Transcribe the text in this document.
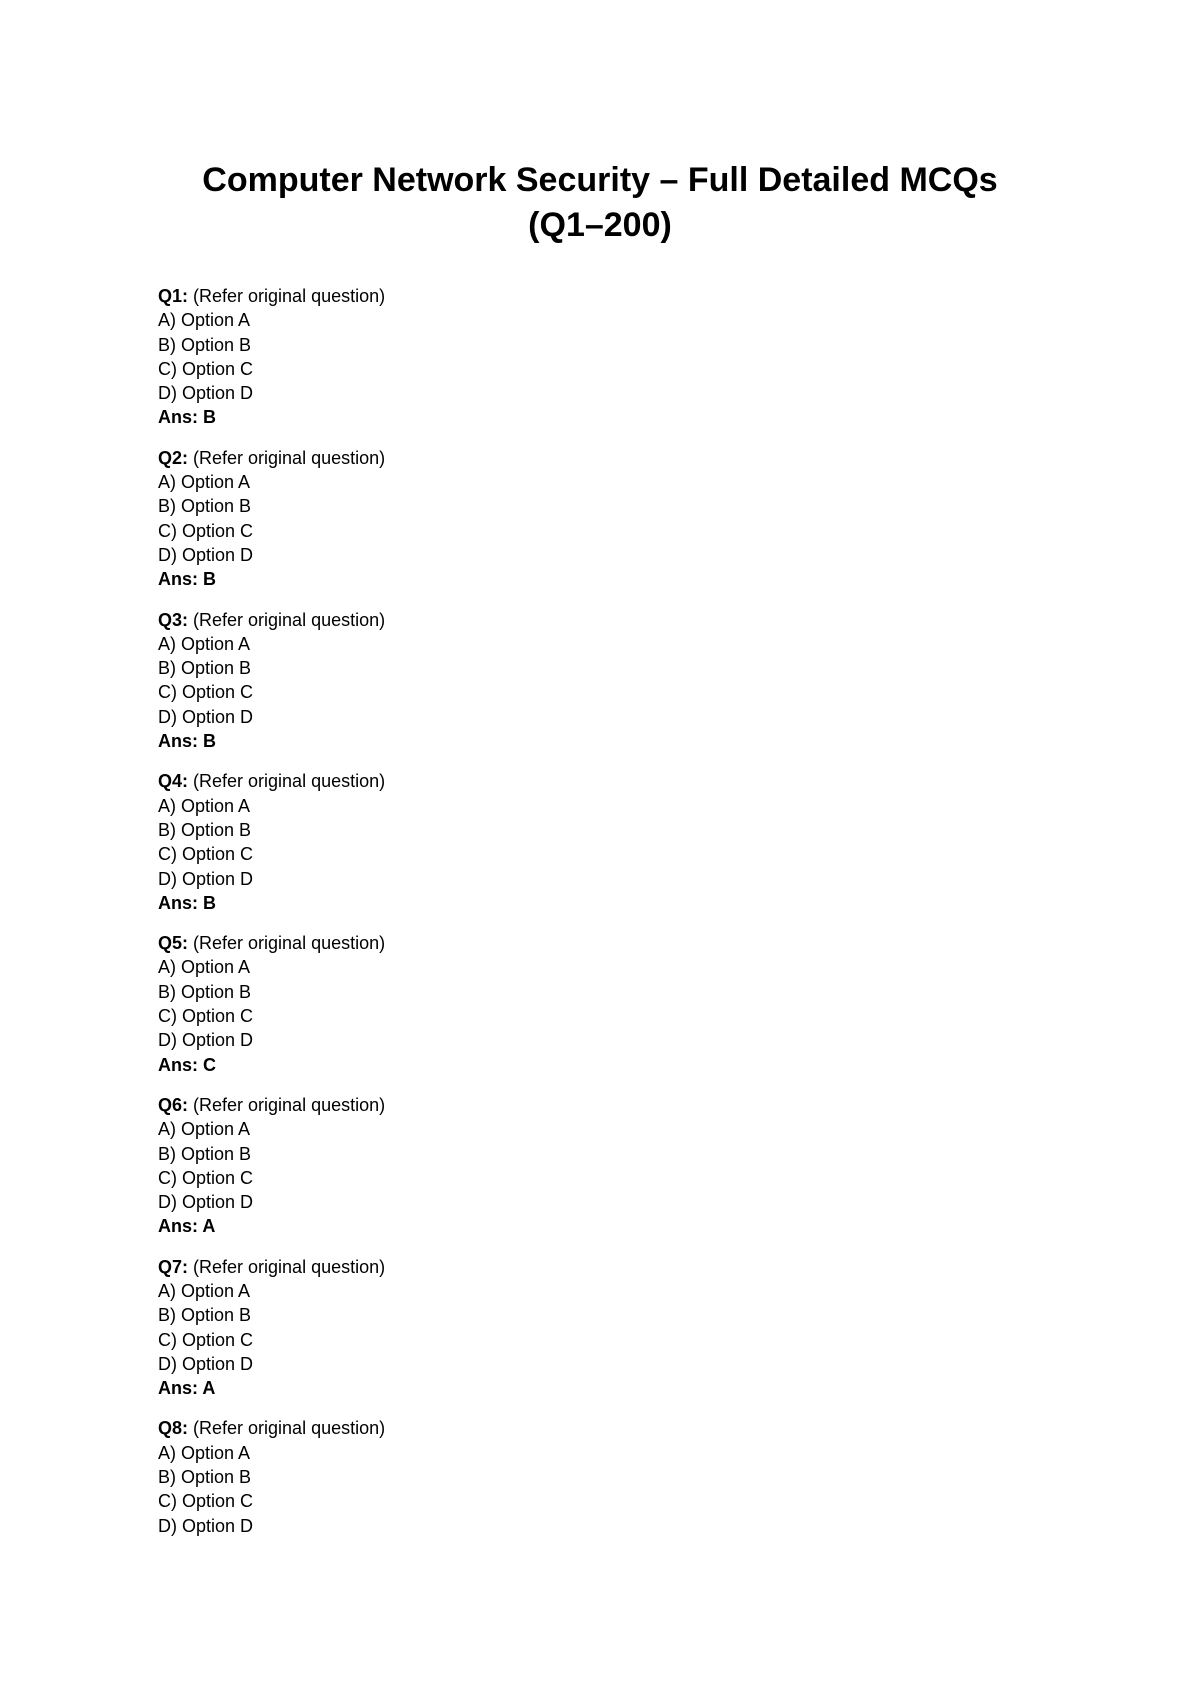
Computer Network Security – Full Detailed MCQs
(Q1–200)
Q1: (Refer original question)
A) Option A
B) Option B
C) Option C
D) Option D
Ans: B
Q2: (Refer original question)
A) Option A
B) Option B
C) Option C
D) Option D
Ans: B
Q3: (Refer original question)
A) Option A
B) Option B
C) Option C
D) Option D
Ans: B
Q4: (Refer original question)
A) Option A
B) Option B
C) Option C
D) Option D
Ans: B
Q5: (Refer original question)
A) Option A
B) Option B
C) Option C
D) Option D
Ans: C
Q6: (Refer original question)
A) Option A
B) Option B
C) Option C
D) Option D
Ans: A
Q7: (Refer original question)
A) Option A
B) Option B
C) Option C
D) Option D
Ans: A
Q8: (Refer original question)
A) Option A
B) Option B
C) Option C
D) Option D
